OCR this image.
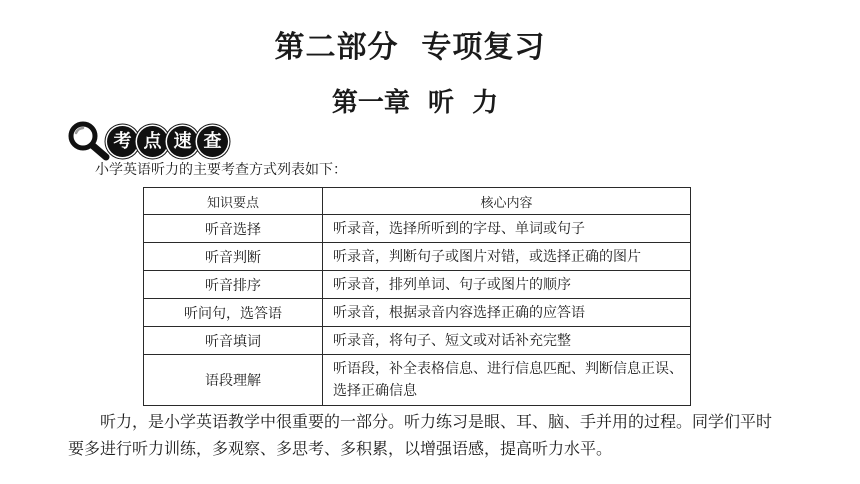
第二部分  专项复习
第一章  听  力
考 点 速 查
小学英语听力的主要考查方式列表如下：
知识要点	核心内容
听音选择	听录音，选择所听到的字母、单词或句子
听音判断	听录音，判断句子或图片对错，或选择正确的图片
听音排序	听录音，排列单词、句子或图片的顺序
听问句，选答语	听录音，根据录音内容选择正确的应答语
听音填词	听录音，将句子、短文或对话补充完整
语段理解	听语段，补全表格信息、进行信息匹配、判断信息正误、选择正确信息
听力，是小学英语教学中很重要的一部分。听力练习是眼、耳、脑、手并用的过程。同学们平时要多进行听力训练，多观察、多思考、多积累，以增强语感，提高听力水平。
